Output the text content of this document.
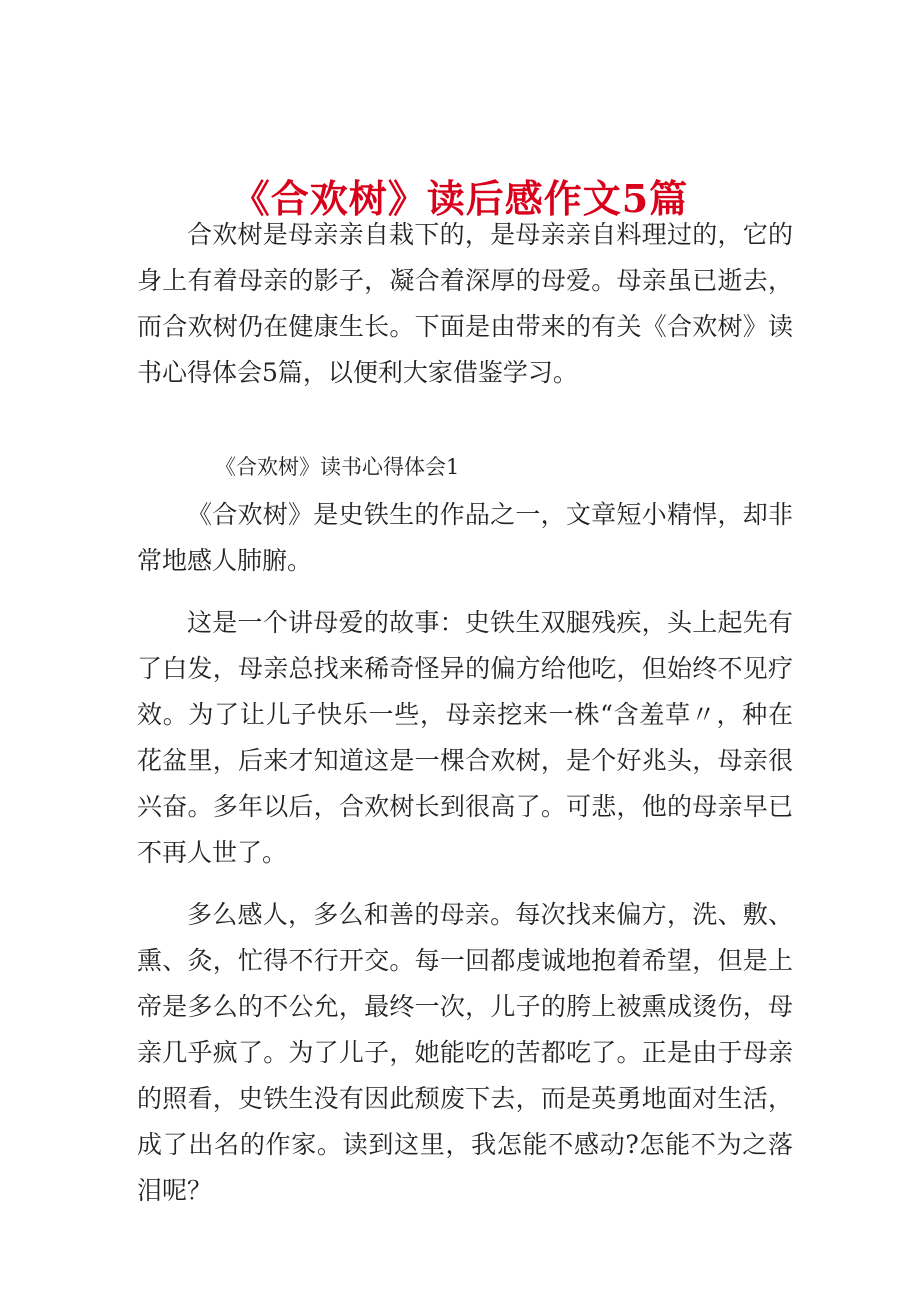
《合欢树》读后感作文5篇

合欢树是母亲亲自栽下的，是母亲亲自料理过的，它的身上有着母亲的影子，凝合着深厚的母爱。母亲虽已逝去，而合欢树仍在健康生长。下面是由带来的有关《合欢树》读书心得体会5篇，以便利大家借鉴学习。

《合欢树》读书心得体会1

《合欢树》是史铁生的作品之一，文章短小精悍，却非常地感人肺腑。

这是一个讲母爱的故事：史铁生双腿残疾，头上起先有了白发，母亲总找来稀奇怪异的偏方给他吃，但始终不见疗效。为了让儿子快乐一些，母亲挖来一株“含羞草〃，种在花盆里，后来才知道这是一棵合欢树，是个好兆头，母亲很兴奋。多年以后，合欢树长到很高了。可悲，他的母亲早已不再人世了。

多么感人，多么和善的母亲。每次找来偏方，洗、敷、熏、灸，忙得不行开交。每一回都虔诚地抱着希望，但是上帝是多么的不公允，最终一次，儿子的胯上被熏成烫伤，母亲几乎疯了。为了儿子，她能吃的苦都吃了。正是由于母亲的照看，史铁生没有因此颓废下去，而是英勇地面对生活，成了出名的作家。读到这里，我怎能不感动?怎能不为之落泪呢？
